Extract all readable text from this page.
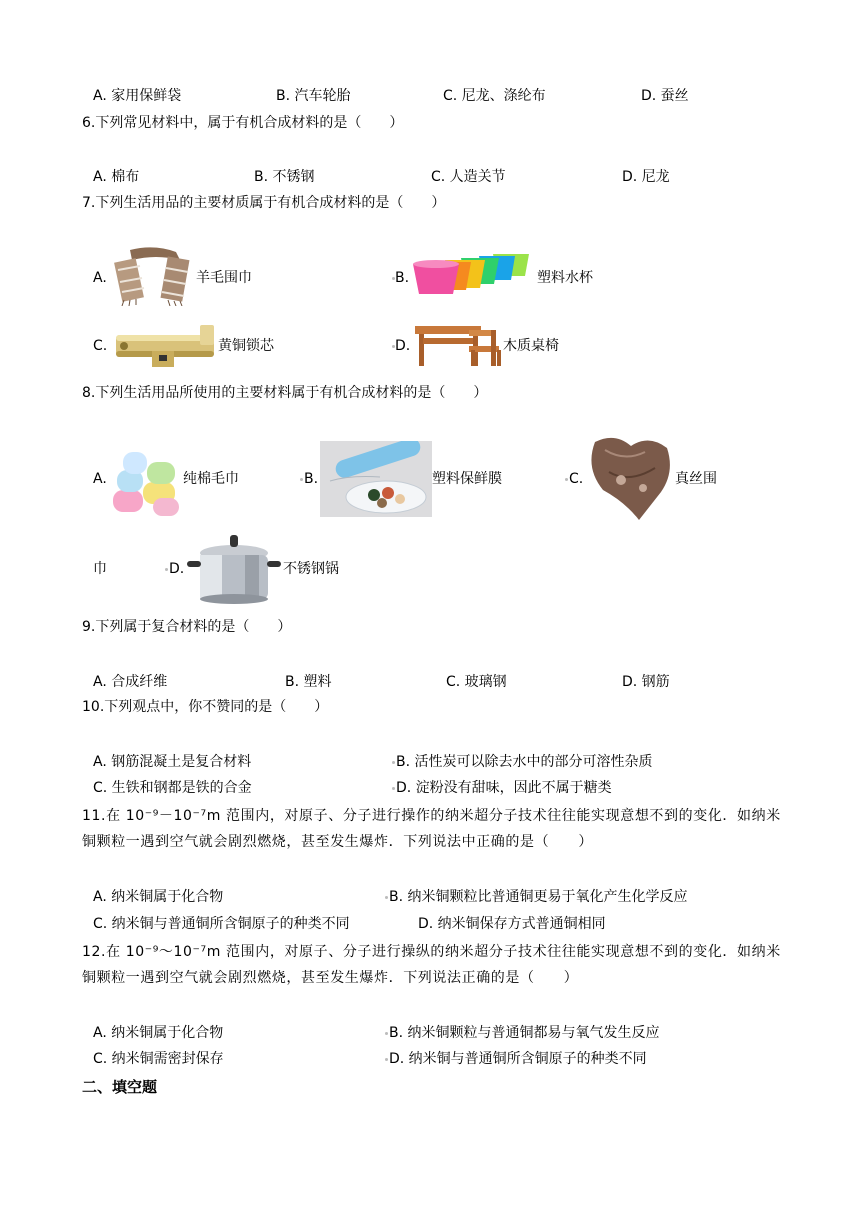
A. 家用保鲜袋	B. 汽车轮胎	C. 尼龙、涤纶布	D. 蚕丝
6.下列常见材料中，属于有机合成材料的是（　　）
A. 棉布	B. 不锈钢	C. 人造关节	D. 尼龙
7.下列生活用品的主要材质属于有机合成材料的是（　　）
A.	羊毛围巾	B.	塑料水杯
C.	黄铜锁芯	D.	木质桌椅
8.下列生活用品所使用的主要材料属于有机合成材料的是（　　）
A.	纯棉毛巾	B.	塑料保鲜膜	C.	真丝围
巾	D.	不锈钢锅
9.下列属于复合材料的是（　　）
A. 合成纤维	B. 塑料	C. 玻璃钢	D. 钢筋
10.下列观点中，你不赞同的是（　　）
A. 钢筋混凝土是复合材料	B. 活性炭可以除去水中的部分可溶性杂质
C. 生铁和钢都是铁的合金	D. 淀粉没有甜味，因此不属于糖类
11.在 10⁻⁹－10⁻⁷m 范围内，对原子、分子进行操作的纳米超分子技术往往能实现意想不到的变化．如纳米铜颗粒一遇到空气就会剧烈燃烧，甚至发生爆炸．下列说法中正确的是（　　）
A. 纳米铜属于化合物	B. 纳米铜颗粒比普通铜更易于氧化产生化学反应
C. 纳米铜与普通铜所含铜原子的种类不同	D. 纳米铜保存方式普通铜相同
12.在 10⁻⁹～10⁻⁷m 范围内，对原子、分子进行操纵的纳米超分子技术往往能实现意想不到的变化．如纳米铜颗粒一遇到空气就会剧烈燃烧，甚至发生爆炸．下列说法正确的是（　　）
A. 纳米铜属于化合物	B. 纳米铜颗粒与普通铜都易与氧气发生反应
C. 纳米铜需密封保存	D. 纳米铜与普通铜所含铜原子的种类不同
二、填空题
